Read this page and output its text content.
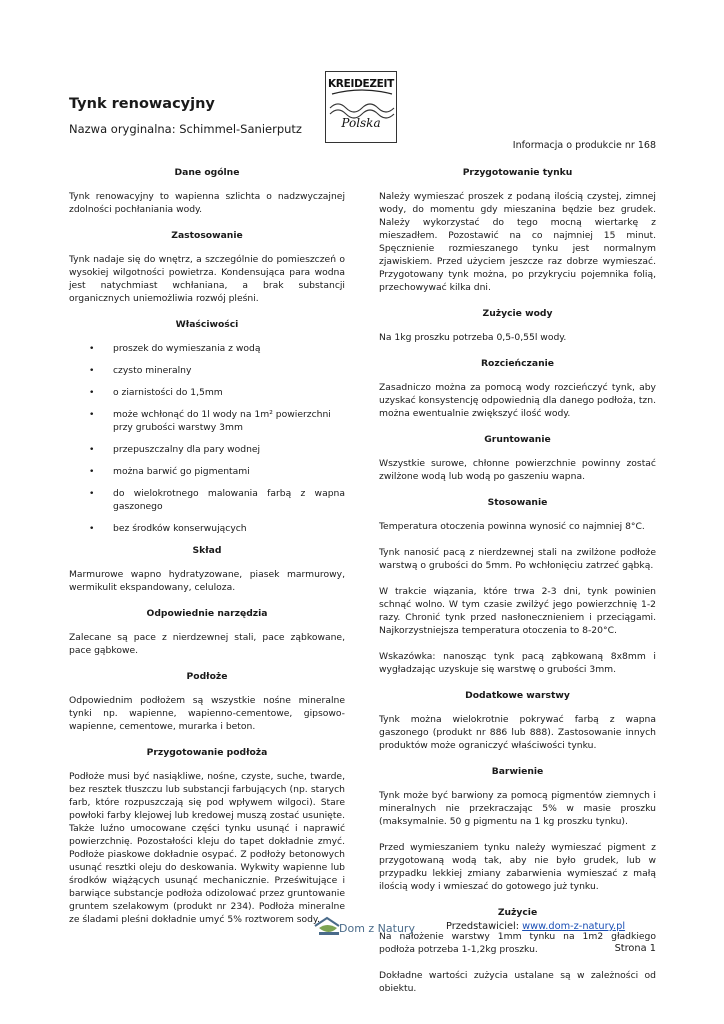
Tynk renowacyjny
Nazwa oryginalna: Schimmel-Sanierputz
KREIDEZEIT
Polska
Informacja o produkcie nr 168
Dane ogólne
Tynk renowacyjny to wapienna szlichta o nadzwyczajnej zdolności pochłaniania wody.
Zastosowanie
Tynk nadaje się do wnętrz, a szczególnie do pomieszczeń o wysokiej wilgotności powietrza. Kondensująca para wodna jest natychmiast wchłaniana, a brak substancji organicznych uniemożliwia rozwój pleśni.
Właściwości
• proszek do wymieszania z wodą
• czysto mineralny
• o ziarnistości do 1,5mm
• może wchłonąć do 1l wody na 1m² powierzchni przy grubości warstwy 3mm
• przepuszczalny dla pary wodnej
• można barwić go pigmentami
• do wielokrotnego malowania farbą z wapna gaszonego
• bez środków konserwujących
Skład
Marmurowe wapno hydratyzowane, piasek marmurowy, wermikulit ekspandowany, celuloza.
Odpowiednie narzędzia
Zalecane są pace z nierdzewnej stali, pace ząbkowane, pace gąbkowe.
Podłoże
Odpowiednim podłożem są wszystkie nośne mineralne tynki np. wapienne, wapienno-cementowe, gipsowo-wapienne, cementowe, murarka i beton.
Przygotowanie podłoża
Podłoże musi być nasiąkliwe, nośne, czyste, suche, twarde, bez resztek tłuszczu lub substancji farbujących (np. starych farb, które rozpuszczają się pod wpływem wilgoci). Stare powłoki farby klejowej lub kredowej muszą zostać usunięte. Także luźno umocowane części tynku usunąć i naprawić powierzchnię. Pozostałości kleju do tapet dokładnie zmyć. Podłoże piaskowe dokładnie osypać. Z podłoży betonowych usunąć resztki oleju do deskowania. Wykwity wapienne lub środków wiążących usunąć mechanicznie. Prześwitujące i barwiące substancje podłoża odizolować przez gruntowanie gruntem szelakowym (produkt nr 234). Podłoża mineralne ze śladami pleśni dokładnie umyć 5% roztworem sody.
Przygotowanie tynku
Należy wymieszać proszek z podaną ilością czystej, zimnej wody, do momentu gdy mieszanina będzie bez grudek. Należy wykorzystać do tego mocną wiertarkę z mieszadłem. Pozostawić na co najmniej 15 minut. Spęcznienie rozmieszanego tynku jest normalnym zjawiskiem. Przed użyciem jeszcze raz dobrze wymieszać. Przygotowany tynk można, po przykryciu pojemnika folią, przechowywać kilka dni.
Zużycie wody
Na 1kg proszku potrzeba 0,5-0,55l wody.
Rozcieńczanie
Zasadniczo można za pomocą wody rozcieńczyć tynk, aby uzyskać konsystencję odpowiednią dla danego podłoża, tzn. można ewentualnie zwiększyć ilość wody.
Gruntowanie
Wszystkie surowe, chłonne powierzchnie powinny zostać zwilżone wodą lub wodą po gaszeniu wapna.
Stosowanie
Temperatura otoczenia powinna wynosić co najmniej 8°C.
Tynk nanosić pacą z nierdzewnej stali na zwilżone podłoże warstwą o grubości do 5mm. Po wchłonięciu zatrzeć gąbką.
W trakcie wiązania, które trwa 2-3 dni, tynk powinien schnąć wolno. W tym czasie zwilżyć jego powierzchnię 1-2 razy. Chronić tynk przed nasłonecznieniem i przeciągami. Najkorzystniejsza temperatura otoczenia to 8-20°C.
Wskazówka: nanosząc tynk pacą ząbkowaną 8x8mm i wygładzając uzyskuje się warstwę o grubości 3mm.
Dodatkowe warstwy
Tynk można wielokrotnie pokrywać farbą z wapna gaszonego (produkt nr 886 lub 888). Zastosowanie innych produktów może ograniczyć właściwości tynku.
Barwienie
Tynk może być barwiony za pomocą pigmentów ziemnych i mineralnych nie przekraczając 5% w masie proszku (maksymalnie. 50 g pigmentu na 1 kg proszku tynku).
Przed wymieszaniem tynku należy wymieszać pigment z przygotowaną wodą tak, aby nie było grudek, lub w przypadku lekkiej zmiany zabarwienia wymieszać z małą ilością wody i wmieszać do gotowego już tynku.
Zużycie
Na nałożenie warstwy 1mm tynku na 1m2 gładkiego podłoża potrzeba 1-1,2kg proszku.
Dokładne wartości zużycia ustalane są w zależności od obiektu.
Dom z Natury	Przedstawiciel: www.dom-z-natury.pl
Strona 1
